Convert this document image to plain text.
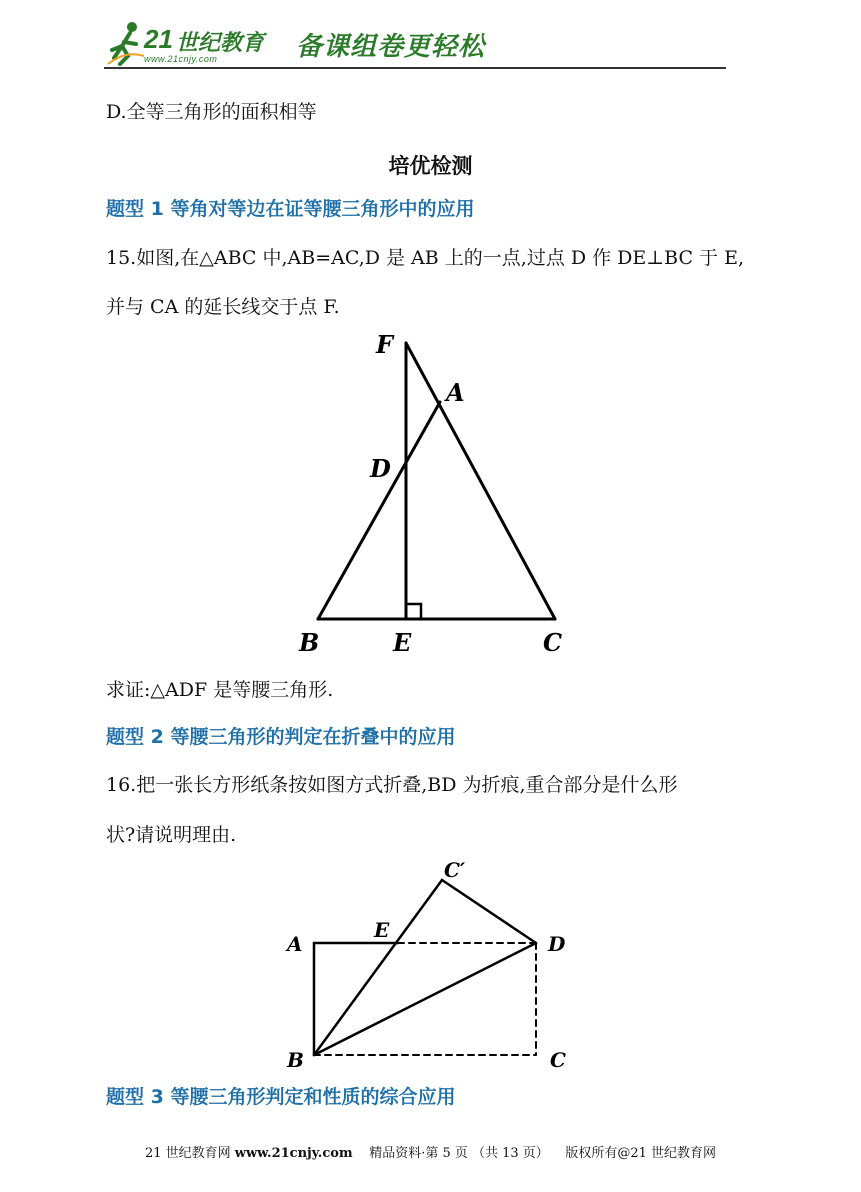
21 世纪教育
www.21cnjy.com	备课组卷更轻松
D.全等三角形的面积相等
培优检测
题型 1 等角对等边在证等腰三角形中的应用
15.如图,在△ABC 中,AB=AC,D 是 AB 上的一点,过点 D 作 DE⊥BC 于 E,
并与 CA 的延长线交于点 F.
F
A
D
B	E	C
求证:△ADF 是等腰三角形.
题型 2 等腰三角形的判定在折叠中的应用
16.把一张长方形纸条按如图方式折叠,BD 为折痕,重合部分是什么形
状?请说明理由.
C′
E
A	D
B	C
题型 3 等腰三角形判定和性质的综合应用
21 世纪教育网 www.21cnjy.com 精品资料·第 5 页 （共 13 页） 版权所有@21 世纪教育网
